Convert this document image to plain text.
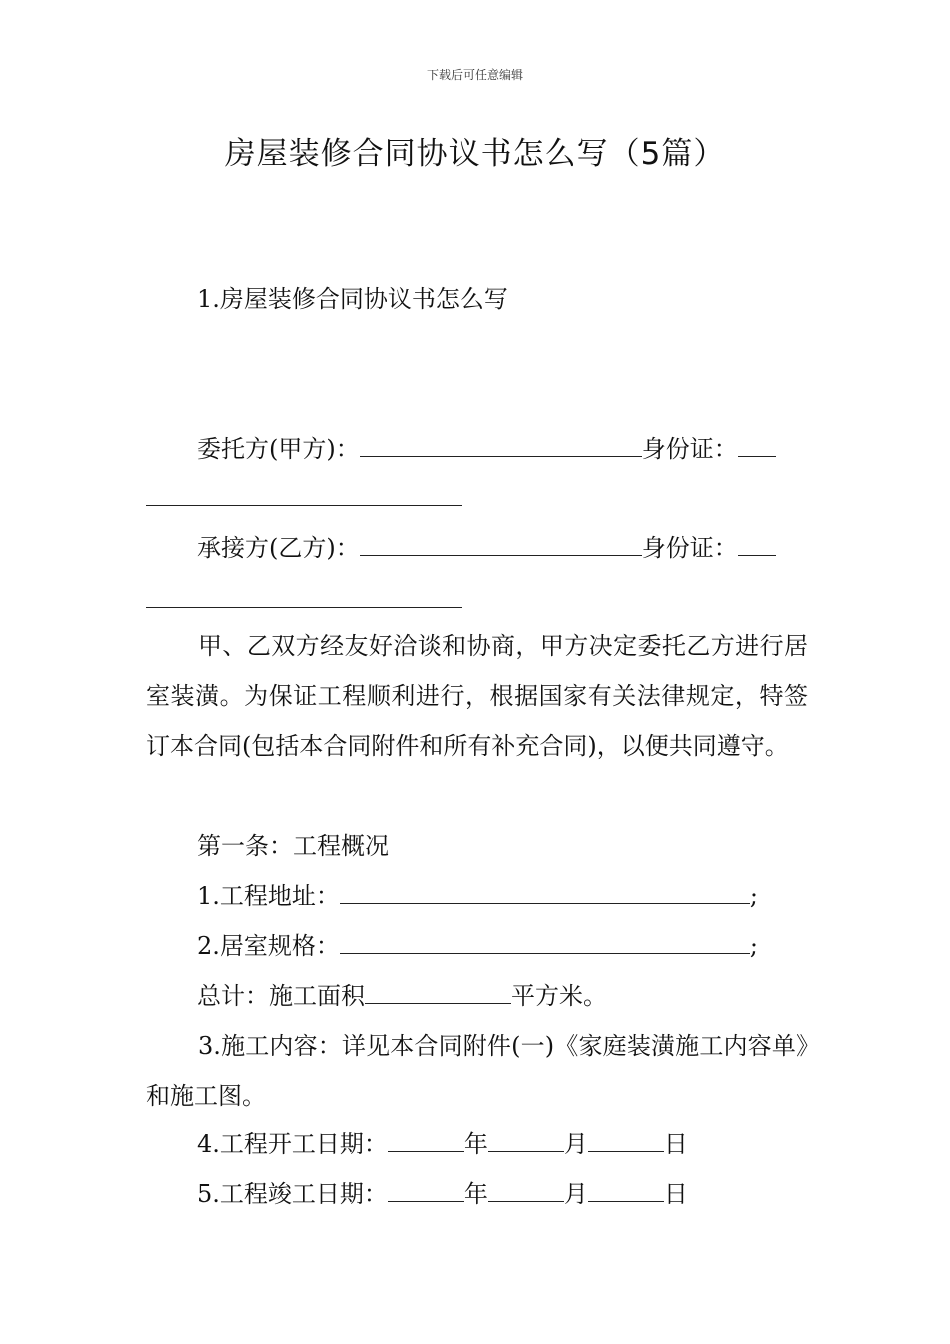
下载后可任意编辑
房屋装修合同协议书怎么写（5篇）
1.房屋装修合同协议书怎么写
委托方(甲方)：	身份证：
承接方(乙方)：	身份证：
甲、乙双方经友好洽谈和协商，甲方决定委托乙方进行居室装潢。为保证工程顺利进行，根据国家有关法律规定，特签订本合同(包括本合同附件和所有补充合同)，以便共同遵守。
第一条：工程概况
1.工程地址：	;
2.居室规格：	;
总计：施工面积	平方米。
3.施工内容：详见本合同附件(一)《家庭装潢施工内容单》和施工图。
4.工程开工日期：	年	月	日
5.工程竣工日期：	年	月	日
